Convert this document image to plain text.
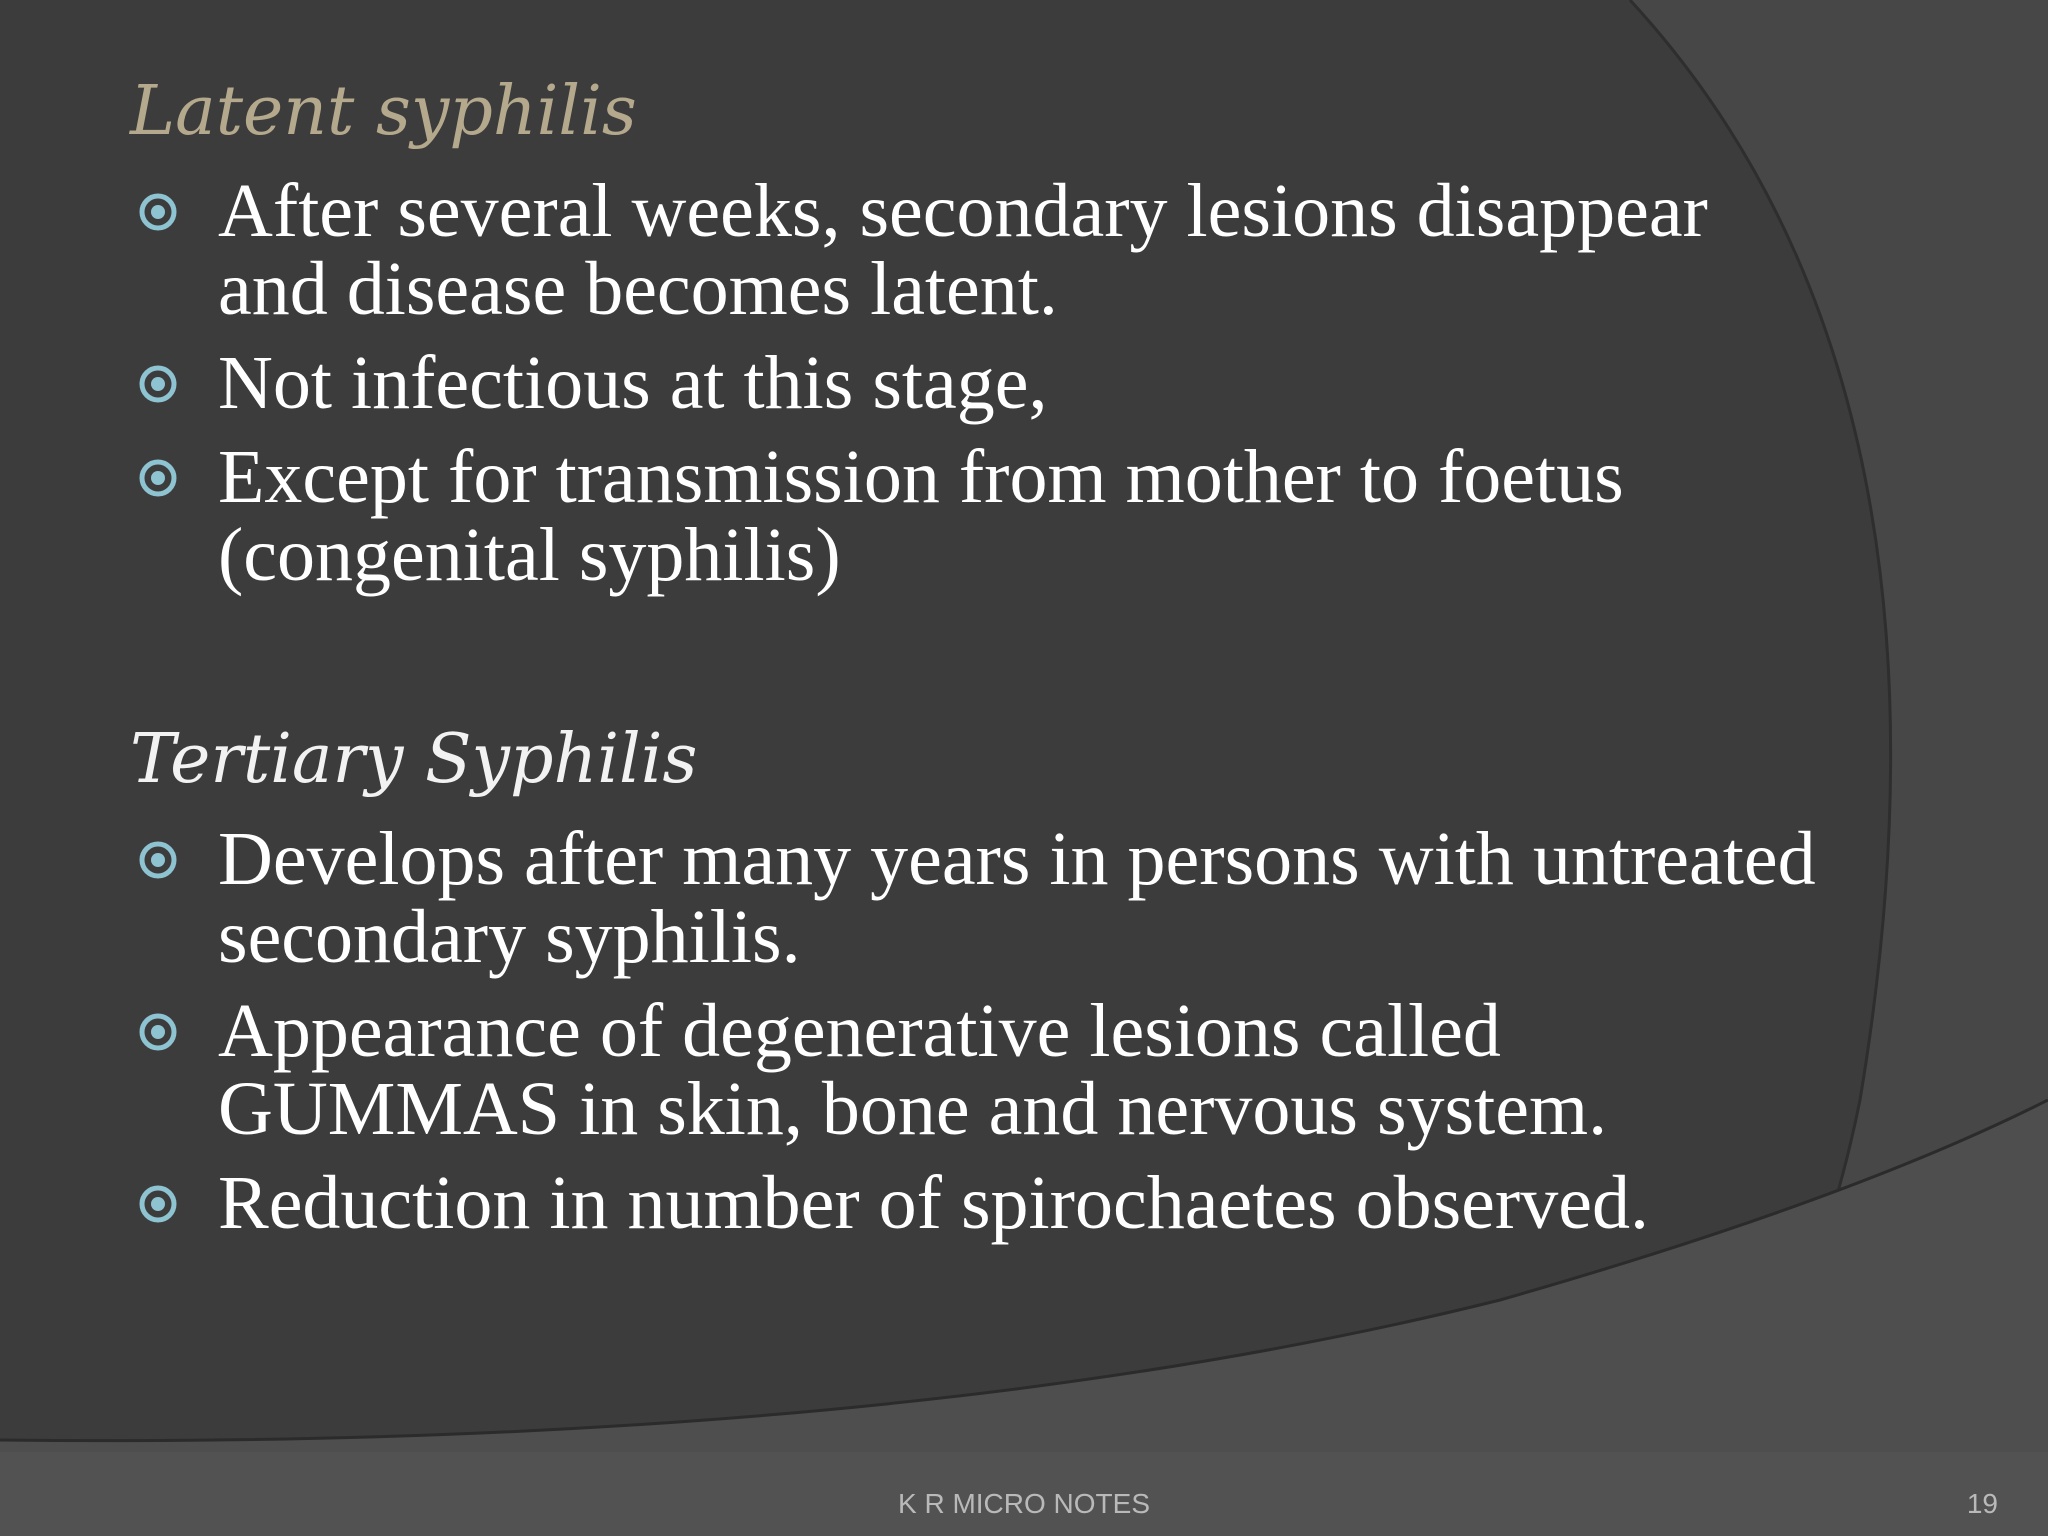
Latent syphilis
After several weeks, secondary lesions disappear and disease becomes latent.
Not infectious at this stage,
Except for transmission from mother to foetus (congenital syphilis)
Tertiary Syphilis
Develops after many years in persons with untreated secondary syphilis.
Appearance of degenerative lesions called GUMMAS in skin, bone and nervous system.
Reduction in number of spirochaetes observed.
K R MICRO NOTES	19
